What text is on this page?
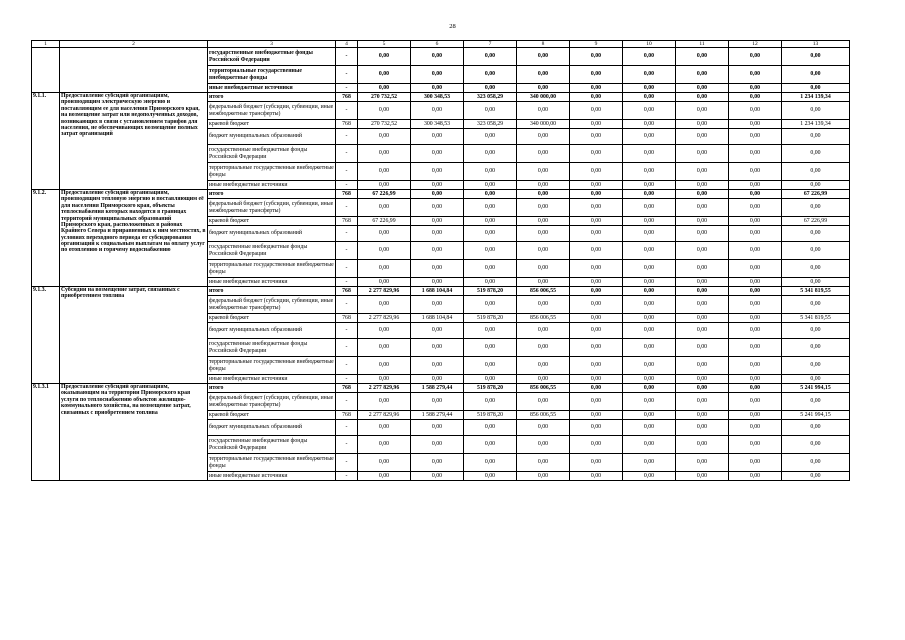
28
1	2	3	4	5	6	7	8	9	10	11	12	13
		государственные внебюджетные фонды Российской Федерации	-	0,00	0,00	0,00	0,00	0,00	0,00	0,00	0,00	0,00
		территориальные государственные внебюджетные фонды	-	0,00	0,00	0,00	0,00	0,00	0,00	0,00	0,00	0,00
		иные внебюджетные источники	-	0,00	0,00	0,00	0,00	0,00	0,00	0,00	0,00	0,00
9.1.1.	Предоставление субсидий организациям, производящим электрическую энергию и поставляющим ее для населения Приморского края, на возмещение затрат или недополученных доходов, возникающих в связи с установлением тарифов для населения, не обеспечивающих возмещение полных затрат организаций	итого	768	270 732,52	300 348,53	323 058,29	340 000,00	0,00	0,00	0,00	0,00	1 234 139,34
		федеральный бюджет (субсидии, субвенции, иные межбюджетные трансферты)	-	0,00	0,00	0,00	0,00	0,00	0,00	0,00	0,00	0,00
		краевой бюджет	768	270 732,52	300 348,53	323 058,29	340 000,00	0,00	0,00	0,00	0,00	1 234 139,34
		бюджет муниципальных образований	-	0,00	0,00	0,00	0,00	0,00	0,00	0,00	0,00	0,00
		государственные внебюджетные фонды Российской Федерации	-	0,00	0,00	0,00	0,00	0,00	0,00	0,00	0,00	0,00
		территориальные государственные внебюджетные фонды	-	0,00	0,00	0,00	0,00	0,00	0,00	0,00	0,00	0,00
		иные внебюджетные источники	-	0,00	0,00	0,00	0,00	0,00	0,00	0,00	0,00	0,00
9.1.2.	Предоставление субсидий организациям, производящим тепловую энергию и поставляющим её для населения Приморского края, объекты теплоснабжения которых находятся в границах территорий муниципальных образований Приморского края, расположенных в районах Крайнего Севера и приравненных к ним местностях, в условиях переходного периода от субсидирования организаций к социальным выплатам на оплату услуг по отоплению и горячему водоснабжению	итого	768	67 226,99	0,00	0,00	0,00	0,00	0,00	0,00	0,00	67 226,99
		федеральный бюджет (субсидии, субвенции, иные межбюджетные трансферты)	-	0,00	0,00	0,00	0,00	0,00	0,00	0,00	0,00	0,00
		краевой бюджет	768	67 226,99	0,00	0,00	0,00	0,00	0,00	0,00	0,00	67 226,99
		бюджет муниципальных образований	-	0,00	0,00	0,00	0,00	0,00	0,00	0,00	0,00	0,00
		государственные внебюджетные фонды Российской Федерации	-	0,00	0,00	0,00	0,00	0,00	0,00	0,00	0,00	0,00
		территориальные государственные внебюджетные фонды	-	0,00	0,00	0,00	0,00	0,00	0,00	0,00	0,00	0,00
		иные внебюджетные источники	-	0,00	0,00	0,00	0,00	0,00	0,00	0,00	0,00	0,00
9.1.3.	Субсидии на возмещение затрат, связанных с приобретением топлива	итого	768	2 277 829,96	1 688 104,84	519 878,20	856 006,55	0,00	0,00	0,00	0,00	5 341 819,55
		федеральный бюджет (субсидии, субвенции, иные межбюджетные трансферты)	-	0,00	0,00	0,00	0,00	0,00	0,00	0,00	0,00	0,00
		краевой бюджет	768	2 277 829,96	1 688 104,84	519 878,20	856 006,55	0,00	0,00	0,00	0,00	5 341 819,55
		бюджет муниципальных образований	-	0,00	0,00	0,00	0,00	0,00	0,00	0,00	0,00	0,00
		государственные внебюджетные фонды Российской Федерации	-	0,00	0,00	0,00	0,00	0,00	0,00	0,00	0,00	0,00
		территориальные государственные внебюджетные фонды	-	0,00	0,00	0,00	0,00	0,00	0,00	0,00	0,00	0,00
		иные внебюджетные источники	-	0,00	0,00	0,00	0,00	0,00	0,00	0,00	0,00	0,00
9.1.3.1	Предоставление субсидий организациям, оказывающим на территории Приморского края услуги по теплоснабжению объектов жилищно-коммунального хозяйства, на возмещение затрат, связанных с приобретением топлива	итого	768	2 277 829,96	1 588 279,44	519 878,20	856 006,55	0,00	0,00	0,00	0,00	5 241 994,15
		федеральный бюджет (субсидии, субвенции, иные межбюджетные трансферты)	-	0,00	0,00	0,00	0,00	0,00	0,00	0,00	0,00	0,00
		краевой бюджет	768	2 277 829,96	1 588 279,44	519 878,20	856 006,55	0,00	0,00	0,00	0,00	5 241 994,15
		бюджет муниципальных образований	-	0,00	0,00	0,00	0,00	0,00	0,00	0,00	0,00	0,00
		государственные внебюджетные фонды Российской Федерации	-	0,00	0,00	0,00	0,00	0,00	0,00	0,00	0,00	0,00
		территориальные государственные внебюджетные фонды	-	0,00	0,00	0,00	0,00	0,00	0,00	0,00	0,00	0,00
		иные внебюджетные источники	-	0,00	0,00	0,00	0,00	0,00	0,00	0,00	0,00	0,00
